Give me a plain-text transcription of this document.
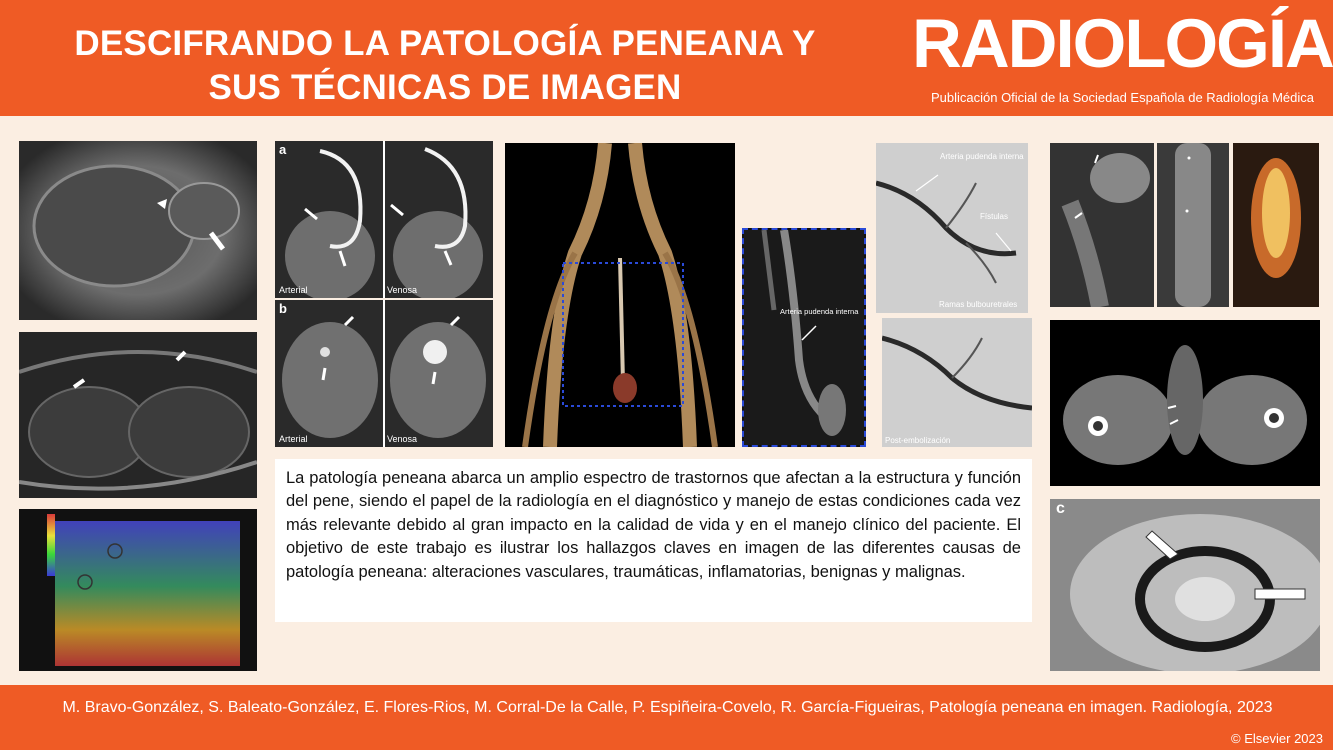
DESCIFRANDO LA PATOLOGÍA PENEANA Y
SUS TÉCNICAS DE IMAGEN
RADIOLOGÍA
Publicación Oficial de la Sociedad Española de Radiología Médica
a
Arterial	Venosa
b
Arterial	Venosa
Arteria pudenda interna
Arteria pudenda interna
Fístulas
Ramas bulbouretrales
Post-embolización
c

La patología peneana abarca un amplio espectro de trastornos que afectan a la estructura y función del pene, siendo el papel de la radiología en el diagnóstico y manejo de estas condiciones cada vez más relevante debido al gran impacto en la calidad de vida y en el manejo clínico del paciente. El objetivo de este trabajo es ilustrar los hallazgos claves en imagen de las diferentes causas de patología peneana: alteraciones vasculares, traumáticas, inflamatorias, benignas y malignas.

M. Bravo-González, S. Baleato-González, E. Flores-Rios, M. Corral-De la Calle, P. Espiñeira-Covelo, R. García-Figueiras, Patología peneana en imagen. Radiología, 2023
© Elsevier 2023
